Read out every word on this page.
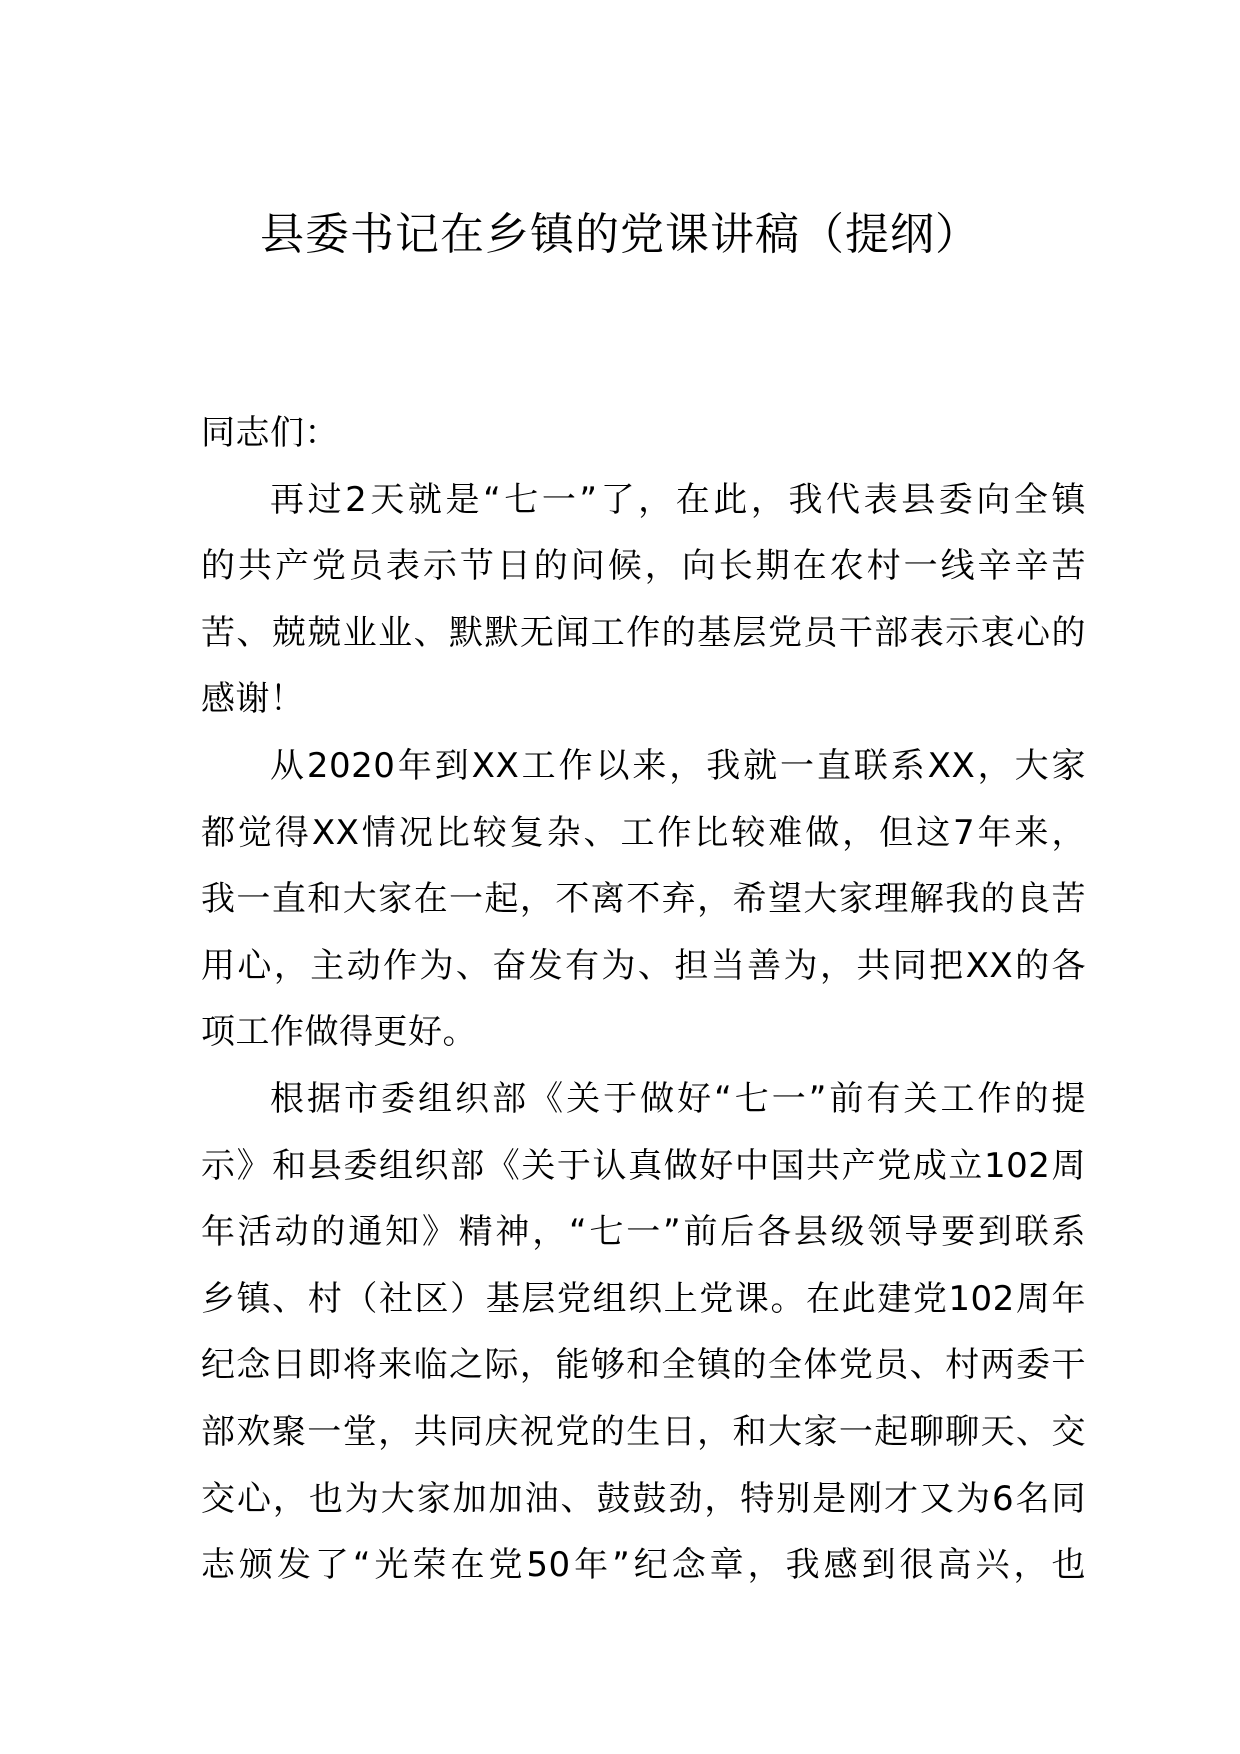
县委书记在乡镇的党课讲稿（提纲）
同志们：
再过2天就是“七一”了，在此，我代表县委向全镇
的共产党员表示节日的问候，向长期在农村一线辛辛苦
苦、兢兢业业、默默无闻工作的基层党员干部表示衷心的
感谢！
从2020年到XX工作以来，我就一直联系XX，大家
都觉得XX情况比较复杂、工作比较难做，但这7年来，
我一直和大家在一起，不离不弃，希望大家理解我的良苦
用心，主动作为、奋发有为、担当善为，共同把XX的各
项工作做得更好。
根据市委组织部《关于做好“七一”前有关工作的提
示》和县委组织部《关于认真做好中国共产党成立102周
年活动的通知》精神，“七一”前后各县级领导要到联系
乡镇、村（社区）基层党组织上党课。在此建党102周年
纪念日即将来临之际，能够和全镇的全体党员、村两委干
部欢聚一堂，共同庆祝党的生日，和大家一起聊聊天、交
交心，也为大家加加油、鼓鼓劲，特别是刚才又为6名同
志颁发了“光荣在党50年”纪念章，我感到很高兴，也
